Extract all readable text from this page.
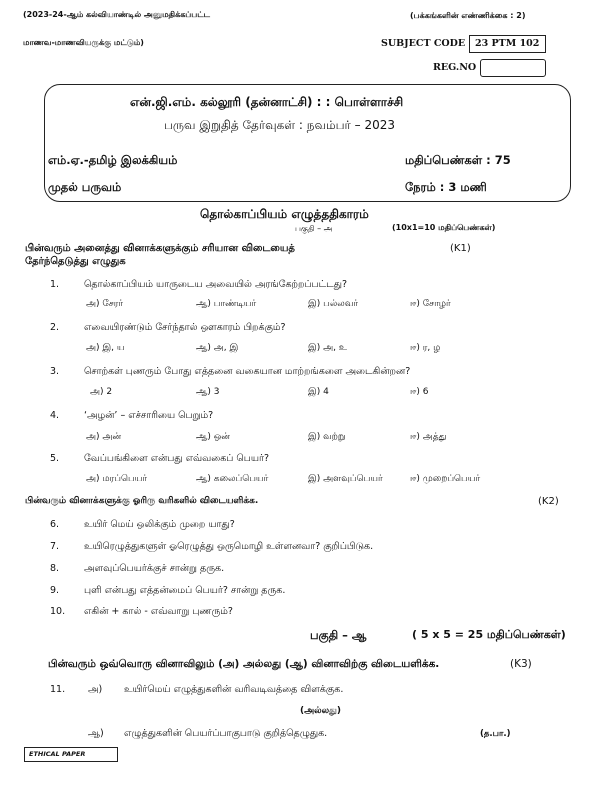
(2023-24-ஆம் கல்வியாண்டில் அனுமதிக்கப்பட்ட
மாணவ-மாணவியருக்கு மட்டும்)
(பக்கங்களின் எண்ணிக்கை : 2)
SUBJECT CODE 23 PTM 102
REG.NO
என்.ஜி.எம். கல்லூரி (தன்னாட்சி) : : பொள்ளாச்சி
பருவ இறுதித் தேர்வுகள் : நவம்பர் – 2023
எம்.ஏ.-தமிழ் இலக்கியம்	மதிப்பெண்கள் : 75
முதல் பருவம்	நேரம் : 3 மணி
தொல்காப்பியம் எழுத்ததிகாரம்
பகுதி – அ	(10x1=10 மதிப்பெண்கள்)
பின்வரும் அனைத்து வினாக்களுக்கும் சரியான விடையைத்
தேர்ந்தெடுத்து எழுதுக
(K1)
1.	தொல்காப்பியம் யாருடைய அவையில் அரங்கேற்றப்பட்டது?
அ) சேரர்	ஆ) பாண்டியர்	இ) பல்லவர்	ஈ) சோழர்
2.	எவையிரண்டும் சேர்ந்தால் ஔகாரம் பிறக்கும்?
அ) இ, ய	ஆ) அ, இ	இ) அ, உ	ஈ) ர, ழ
3.	சொற்கள் புணரும் போது எத்தனை வகையான மாற்றங்களை அடைகின்றன?
அ) 2	ஆ) 3	இ) 4	ஈ) 6
4.	‘அழன்’ – எச்சாரியை பெறும்?
அ) அன்	ஆ) ஒன்	இ) வற்று	ஈ) அத்து
5.	வேப்பங்கிளை என்பது எவ்வகைப் பெயர்?
அ) மரப்பெயர்	ஆ) கலைப்பெயர்	இ) அளவுப்பெயர்	ஈ) முறைப்பெயர்
பின்வரும் வினாக்களுக்கு ஓரிரு வரிகளில் விடையளிக்க.	(K2)
6.	உயிர் மெய் ஒலிக்கும் முறை யாது?
7.	உயிரெழுத்துகளுள் ஓரெழுத்து ஒருமொழி உள்ளனவா? குறிப்பிடுக.
8.	அளவுப்பெயர்க்குச் சான்று தருக.
9.	புளி என்பது எத்தன்மைப் பெயர்? சான்று தருக.
10. எகின் + கால் - எவ்வாறு புணரும்?
பகுதி – ஆ	( 5 x 5 = 25 மதிப்பெண்கள்)
பின்வரும் ஒவ்வொரு வினாவிலும் (அ) அல்லது (ஆ) வினாவிற்கு விடையளிக்க.	(K3)
11. அ) உயிர்மெய் எழுத்துகளின் வரிவடிவத்தை விளக்குக.
(அல்லது)
ஆ) எழுத்துகளின் பெயர்ப்பாகுபாடு குறித்தெழுதுக.	(த.பா.)
ETHICAL PAPER
